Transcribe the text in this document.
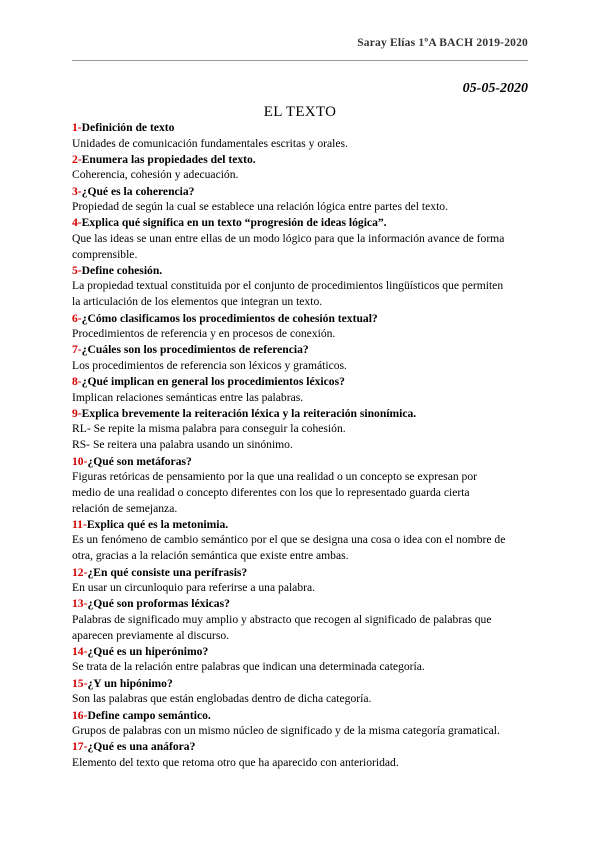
Saray Elías 1ºA BACH 2019-2020
05-05-2020
EL TEXTO
1-Definición de texto
Unidades de comunicación fundamentales escritas y orales.
2-Enumera las propiedades del texto.
Coherencia, cohesión y adecuación.
3-¿Qué es la coherencia?
Propiedad de según la cual se establece una relación lógica entre partes del texto.
4-Explica qué significa en un texto “progresión de ideas lógica”.
Que las ideas se unan entre ellas de un modo lógico para que la información avance de forma
comprensible.
5-Define cohesión.
La propiedad textual constituida por el conjunto de procedimientos lingüísticos que permiten
la articulación de los elementos que integran un texto.
6-¿Cómo clasificamos los procedimientos de cohesión textual?
Procedimientos de referencia y en procesos de conexión.
7-¿Cuáles son los procedimientos de referencia?
Los procedimientos de referencia son léxicos y gramáticos.
8-¿Qué implican en general los procedimientos léxicos?
Implican relaciones semánticas entre las palabras.
9-Explica brevemente la reiteración léxica y la reiteración sinonímica.
RL- Se repite la misma palabra para conseguir la cohesión.
RS- Se reitera una palabra usando un sinónimo.
10-¿Qué son metáforas?
Figuras retóricas de pensamiento por la que una realidad o un concepto se expresan por
medio de una realidad o concepto diferentes con los que lo representado guarda cierta
relación de semejanza.
11-Explica qué es la metonimia.
Es un fenómeno de cambio semántico por el que se designa una cosa o idea con el nombre de
otra, gracias a la relación semántica que existe entre ambas.
12-¿En qué consiste una perífrasis?
En usar un circunloquio para referirse a una palabra.
13-¿Qué son proformas léxicas?
Palabras de significado muy amplio y abstracto que recogen al significado de palabras que
aparecen previamente al discurso.
14-¿Qué es un hiperónimo?
Se trata de la relación entre palabras que indican una determinada categoría.
15-¿Y un hipónimo?
Son las palabras que están englobadas dentro de dicha categoría.
16-Define campo semántico.
Grupos de palabras con un mismo núcleo de significado y de la misma categoría gramatical.
17-¿Qué es una anáfora?
Elemento del texto que retoma otro que ha aparecido con anterioridad.
